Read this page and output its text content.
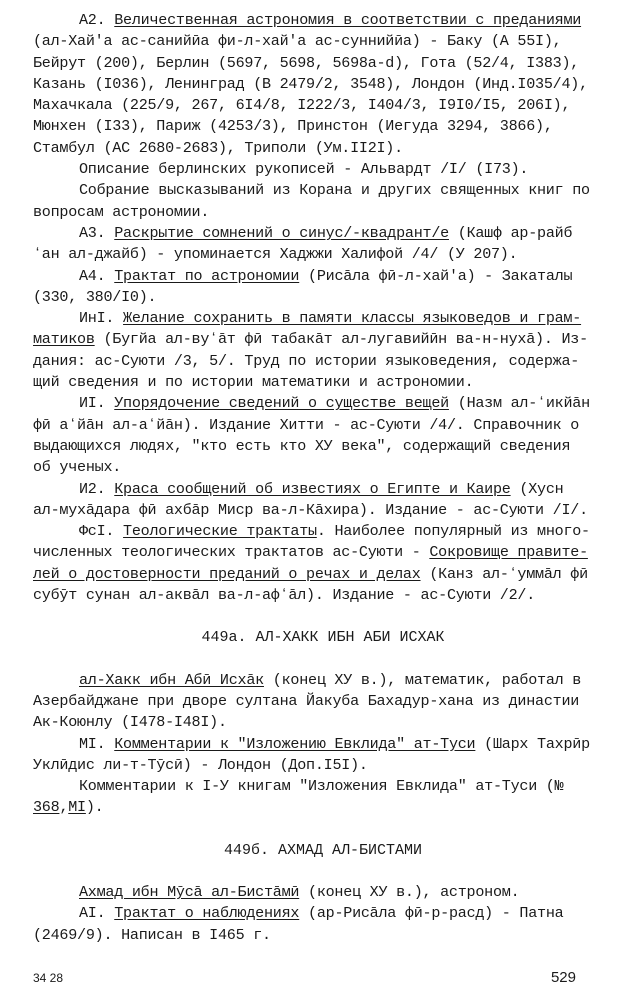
А2. Величественная астрономия в соответствии с преданиями
(ал-Хай'а ас-санийӣа фи-л-хай'а ас-суннийӣа) - Баку (А 55I),
Бейрут (200), Берлин (5697, 5698, 5698a-d), Гота (52/4, I383),
Казань (I036), Ленинград (В 2479/2, 3548), Лондон (Инд.I035/4),
Махачкала (225/9, 267, 6I4/8, I222/3, I404/3, I9I0/I5, 206I),
Мюнхен (I33), Париж (4253/3), Принстон (Иегуда 3294, 3866),
Стамбул (АС 2680-2683), Триполи (Ум.II2I).
Описание берлинских рукописей - Альвардт /I/ (I73).
Собрание высказываний из Корана и других священных книг по
вопросам астрономии.
А3. Раскрытие сомнений о синус/-квадрант/е (Кашф ар-райб
ʻан ал-джайб) - упоминается Хаджжи Халифой /4/ (У 207).
А4. Трактат по астрономии (Рисāла фӣ-л-хай'а) - Закаталы
(330, 380/I0).
ИнI. Желание сохранить в памяти классы языковедов и грам-
матиков (Бугйа ал-вуʻāт фӣ табакāт ал-лугавийӣн ва-н-нухā). Из-
дания: ас-Суюти /3, 5/. Труд по истории языковедения, содержа-
щий сведения и по истории математики и астрономии.
ИI. Упорядочение сведений о существе вещей (Назм ал-ʻикйāн
фӣ аʻйāн ал-аʻйāн). Издание Хитти - ас-Суюти /4/. Справочник о
выдающихся людях, "кто есть кто ХУ века", содержащий сведения
об ученых.
И2. Краса сообщений об известиях о Египте и Каире (Хусн
ал-мухāдара фӣ ахбāр Миср ва-л-Кāхира). Издание - ас-Суюти /I/.
ФсI. Теологические трактаты. Наиболее популярный из много-
численных теологических трактатов ас-Суюти - Сокровище правите-
лей о достоверности преданий о речах и делах (Канз ал-ʻуммāл фӣ
субӯт сунан ал-аквāл ва-л-афʻāл). Издание - ас-Суюти /2/.
449а. АЛ-ХАКК ИБН АБИ ИСХАК
ал-Хакк ибн Абӣ Исхāк (конец ХУ в.), математик, работал в
Азербайджане при дворе султана Йакуба Бахадур-хана из династии
Ак-Коюнлу (I478-I48I).
МI. Комментарии к "Изложению Евклида" ат-Туси (Шарх Тахрӣр
Уклӣдис ли-т-Тӯсӣ) - Лондон (Доп.I5I).
Комментарии к I-У книгам "Изложения Евклида" ат-Туси (№
368,МI).
449б. АХМАД АЛ-БИСТАМИ
Ахмад ибн Мӯсā ал-Бистāмӣ (конец ХУ в.), астроном.
АI. Трактат о наблюдениях (ар-Рисāла фӣ-р-расд) - Патна
(2469/9). Написан в I465 г.
34 28	529
